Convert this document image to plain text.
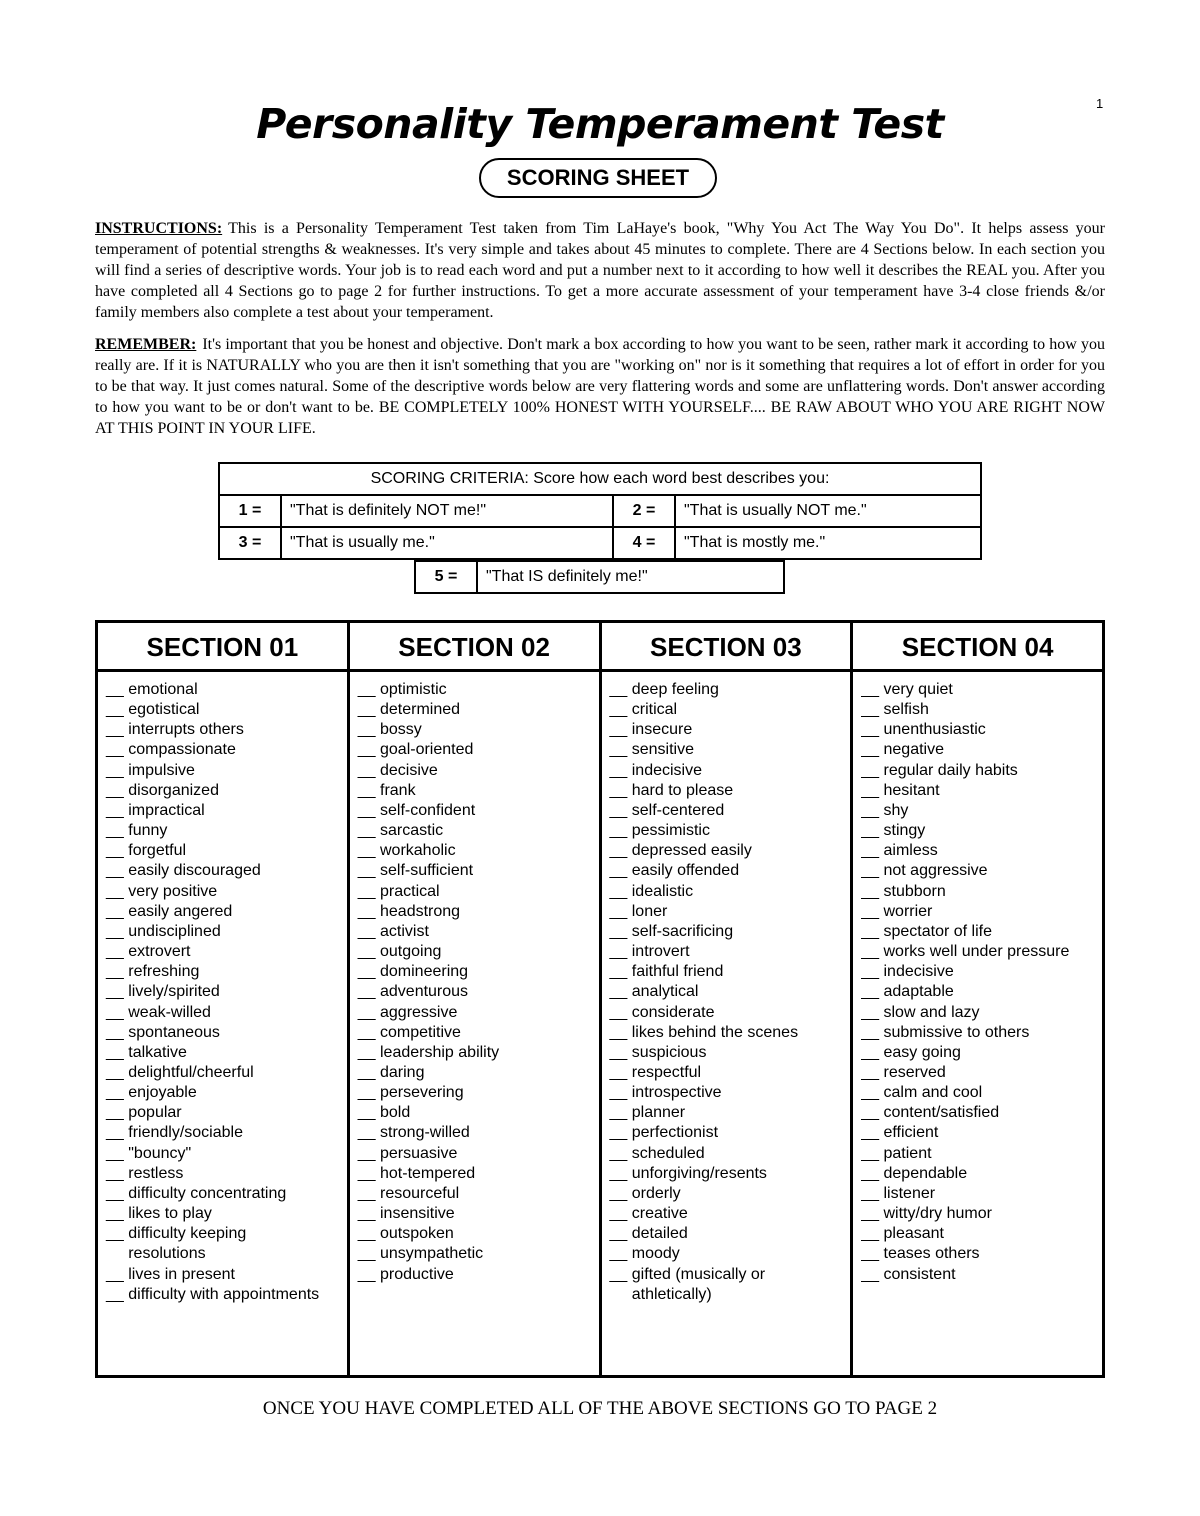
1
Personality Temperament Test
SCORING SHEET
INSTRUCTIONS: This is a Personality Temperament Test taken from Tim LaHaye's book, "Why You Act The Way You Do". It helps assess your temperament of potential strengths & weaknesses. It's very simple and takes about 45 minutes to complete. There are 4 Sections below. In each section you will find a series of descriptive words. Your job is to read each word and put a number next to it according to how well it describes the REAL you. After you have completed all 4 Sections go to page 2 for further instructions. To get a more accurate assessment of your temperament have 3-4 close friends &/or family members also complete a test about your temperament.
REMEMBER: It's important that you be honest and objective. Don't mark a box according to how you want to be seen, rather mark it according to how you really are. If it is NATURALLY who you are then it isn't something that you are "working on" nor is it something that requires a lot of effort in order for you to be that way. It just comes natural. Some of the descriptive words below are very flattering words and some are unflattering words. Don't answer according to how you want to be or don't want to be. BE COMPLETELY 100% HONEST WITH YOURSELF.... BE RAW ABOUT WHO YOU ARE RIGHT NOW AT THIS POINT IN YOUR LIFE.
SCORING CRITERIA: Score how each word best describes you:
1 =	"That is definitely NOT me!"	2 =	"That is usually NOT me."
3 =	"That is usually me."	4 =	"That is mostly me."
5 =	"That IS definitely me!"
SECTION 01
__ emotional
__ egotistical
__ interrupts others
__ compassionate
__ impulsive
__ disorganized
__ impractical
__ funny
__ forgetful
__ easily discouraged
__ very positive
__ easily angered
__ undisciplined
__ extrovert
__ refreshing
__ lively/spirited
__ weak-willed
__ spontaneous
__ talkative
__ delightful/cheerful
__ enjoyable
__ popular
__ friendly/sociable
__ "bouncy"
__ restless
__ difficulty concentrating
__ likes to play
__ difficulty keeping
resolutions
__ lives in present
__ difficulty with appointments
SECTION 02
__ optimistic
__ determined
__ bossy
__ goal-oriented
__ decisive
__ frank
__ self-confident
__ sarcastic
__ workaholic
__ self-sufficient
__ practical
__ headstrong
__ activist
__ outgoing
__ domineering
__ adventurous
__ aggressive
__ competitive
__ leadership ability
__ daring
__ persevering
__ bold
__ strong-willed
__ persuasive
__ hot-tempered
__ resourceful
__ insensitive
__ outspoken
__ unsympathetic
__ productive
SECTION 03
__ deep feeling
__ critical
__ insecure
__ sensitive
__ indecisive
__ hard to please
__ self-centered
__ pessimistic
__ depressed easily
__ easily offended
__ idealistic
__ loner
__ self-sacrificing
__ introvert
__ faithful friend
__ analytical
__ considerate
__ likes behind the scenes
__ suspicious
__ respectful
__ introspective
__ planner
__ perfectionist
__ scheduled
__ unforgiving/resents
__ orderly
__ creative
__ detailed
__ moody
__ gifted (musically or
athletically)
SECTION 04
__ very quiet
__ selfish
__ unenthusiastic
__ negative
__ regular daily habits
__ hesitant
__ shy
__ stingy
__ aimless
__ not aggressive
__ stubborn
__ worrier
__ spectator of life
__ works well under pressure
__ indecisive
__ adaptable
__ slow and lazy
__ submissive to others
__ easy going
__ reserved
__ calm and cool
__ content/satisfied
__ efficient
__ patient
__ dependable
__ listener
__ witty/dry humor
__ pleasant
__ teases others
__ consistent
ONCE YOU HAVE COMPLETED ALL OF THE ABOVE SECTIONS GO TO PAGE 2
